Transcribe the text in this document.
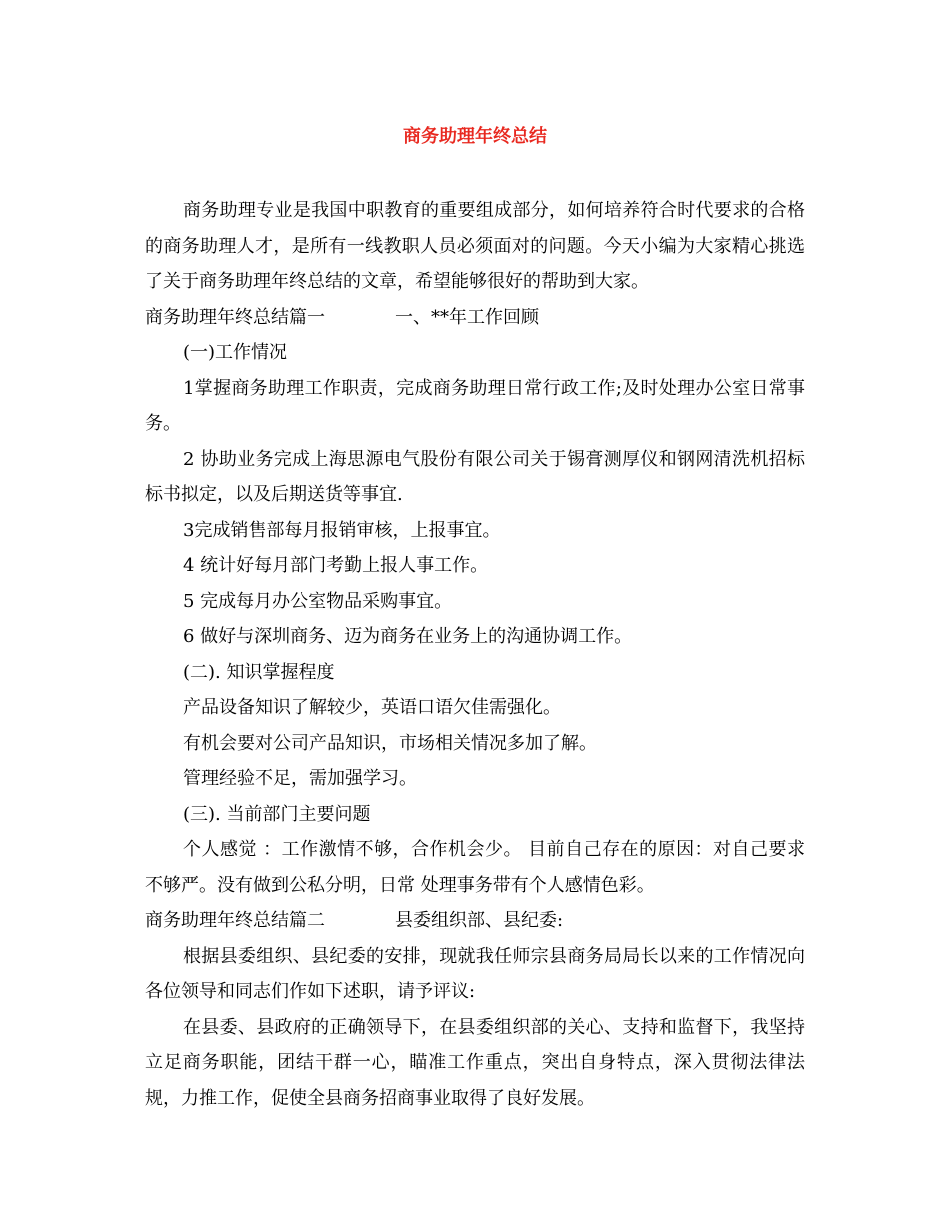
商务助理年终总结

商务助理专业是我国中职教育的重要组成部分，如何培养符合时代要求的合格的商务助理人才，是所有一线教职人员必须面对的问题。今天小编为大家精心挑选了关于商务助理年终总结的文章，希望能够很好的帮助到大家。

商务助理年终总结篇一	一、**年工作回顾

(一)工作情况

1掌握商务助理工作职责，完成商务助理日常行政工作;及时处理办公室日常事务。

2 协助业务完成上海思源电气股份有限公司关于锡膏测厚仪和钢网清洗机招标标书拟定，以及后期送货等事宜.

3完成销售部每月报销审核，上报事宜。

4 统计好每月部门考勤上报人事工作。

5 完成每月办公室物品采购事宜。

6 做好与深圳商务、迈为商务在业务上的沟通协调工作。

(二). 知识掌握程度

产品设备知识了解较少，英语口语欠佳需强化。

有机会要对公司产品知识，市场相关情况多加了解。

管理经验不足，需加强学习。

(三). 当前部门主要问题

个人感觉 ：工作激情不够，合作机会少。 目前自己存在的原因：对自己要求不够严。没有做到公私分明，日常 处理事务带有个人感情色彩。

商务助理年终总结篇二	县委组织部、县纪委:

根据县委组织、县纪委的安排，现就我任师宗县商务局局长以来的工作情况向各位领导和同志们作如下述职，请予评议:

在县委、县政府的正确领导下，在县委组织部的关心、支持和监督下，我坚持立足商务职能，团结干群一心，瞄准工作重点，突出自身特点，深入贯彻法律法规，力推工作，促使全县商务招商事业取得了良好发展。
